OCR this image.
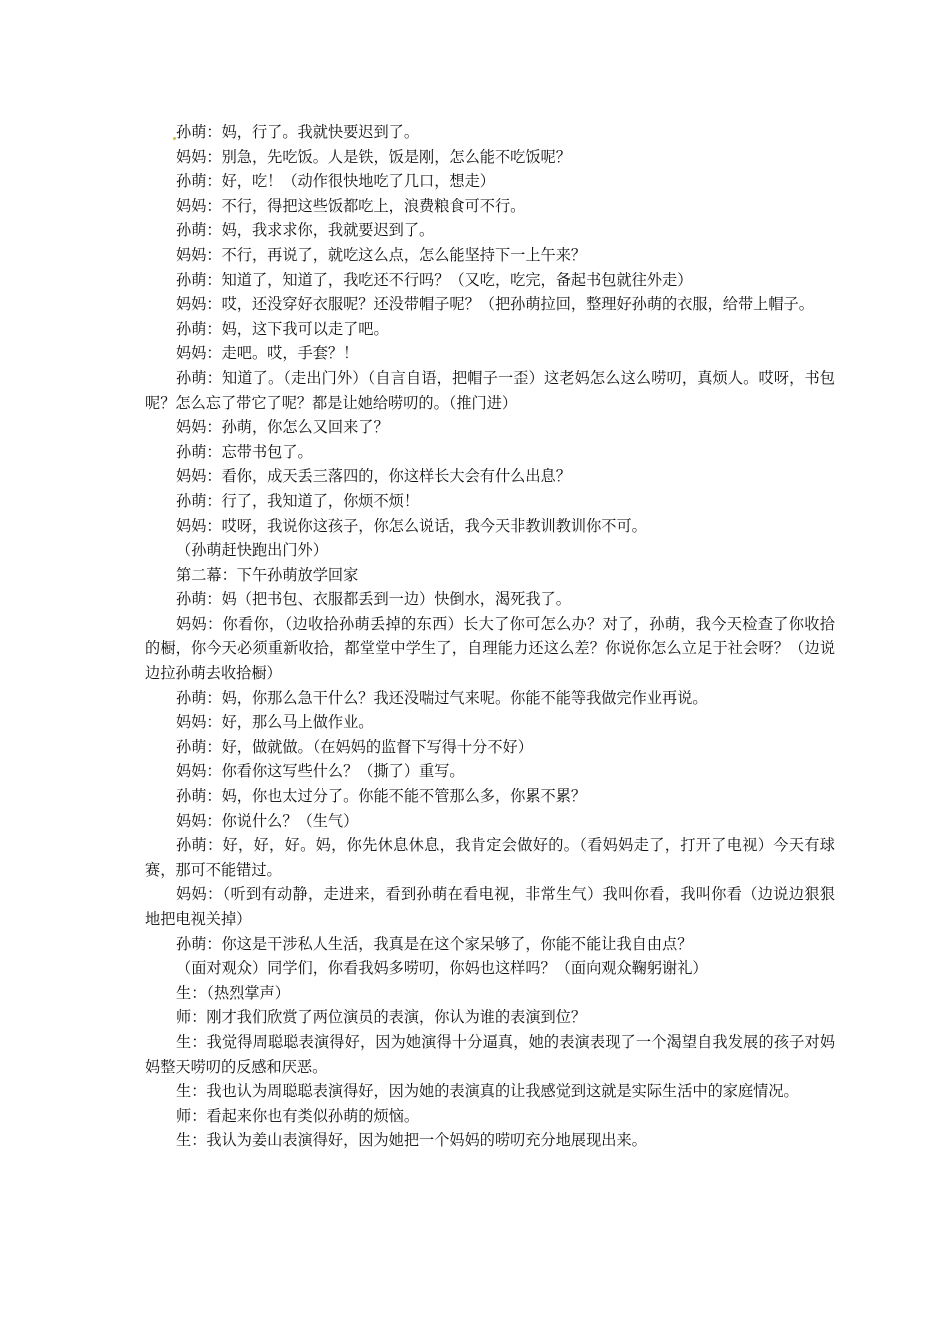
孙萌：妈，行了。我就快要迟到了。

妈妈：别急，先吃饭。人是铁，饭是刚，怎么能不吃饭呢？

孙萌：好，吃！（动作很快地吃了几口，想走）

妈妈：不行，得把这些饭都吃上，浪费粮食可不行。

孙萌：妈，我求求你，我就要迟到了。

妈妈：不行，再说了，就吃这么点，怎么能坚持下一上午来？

孙萌：知道了，知道了，我吃还不行吗？（又吃，吃完，备起书包就往外走）

妈妈：哎，还没穿好衣服呢？还没带帽子呢？（把孙萌拉回，整理好孙萌的衣服，给带上帽子。

孙萌：妈，这下我可以走了吧。

妈妈：走吧。哎，手套？！

孙萌：知道了。（走出门外）（自言自语，把帽子一歪）这老妈怎么这么唠叨，真烦人。哎呀，书包呢？怎么忘了带它了呢？都是让她给唠叨的。（推门进）

妈妈：孙萌，你怎么又回来了？

孙萌：忘带书包了。

妈妈：看你，成天丢三落四的，你这样长大会有什么出息？

孙萌：行了，我知道了，你烦不烦！

妈妈：哎呀，我说你这孩子，你怎么说话，我今天非教训教训你不可。

（孙萌赶快跑出门外）

第二幕：下午孙萌放学回家

孙萌：妈（把书包、衣服都丢到一边）快倒水，渴死我了。

妈妈：你看你，（边收拾孙萌丢掉的东西）长大了你可怎么办？对了，孙萌，我今天检查了你收拾的橱，你今天必须重新收拾，都堂堂中学生了，自理能力还这么差？你说你怎么立足于社会呀？（边说边拉孙萌去收拾橱）

孙萌：妈，你那么急干什么？我还没喘过气来呢。你能不能等我做完作业再说。

妈妈：好，那么马上做作业。

孙萌：好，做就做。（在妈妈的监督下写得十分不好）

妈妈：你看你这写些什么？（撕了）重写。

孙萌：妈，你也太过分了。你能不能不管那么多，你累不累？

妈妈：你说什么？（生气）

孙萌：好，好，好。妈，你先休息休息，我肯定会做好的。（看妈妈走了，打开了电视）今天有球赛，那可不能错过。

妈妈：（听到有动静，走进来，看到孙萌在看电视，非常生气）我叫你看，我叫你看（边说边狠狠地把电视关掉）

孙萌：你这是干涉私人生活，我真是在这个家呆够了，你能不能让我自由点？

（面对观众）同学们，你看我妈多唠叨，你妈也这样吗？（面向观众鞠躬谢礼）

生：（热烈掌声）

师：刚才我们欣赏了两位演员的表演，你认为谁的表演到位？

生：我觉得周聪聪表演得好，因为她演得十分逼真，她的表演表现了一个渴望自我发展的孩子对妈妈整天唠叨的反感和厌恶。

生：我也认为周聪聪表演得好，因为她的表演真的让我感觉到这就是实际生活中的家庭情况。

师：看起来你也有类似孙萌的烦恼。

生：我认为姜山表演得好，因为她把一个妈妈的唠叨充分地展现出来。
